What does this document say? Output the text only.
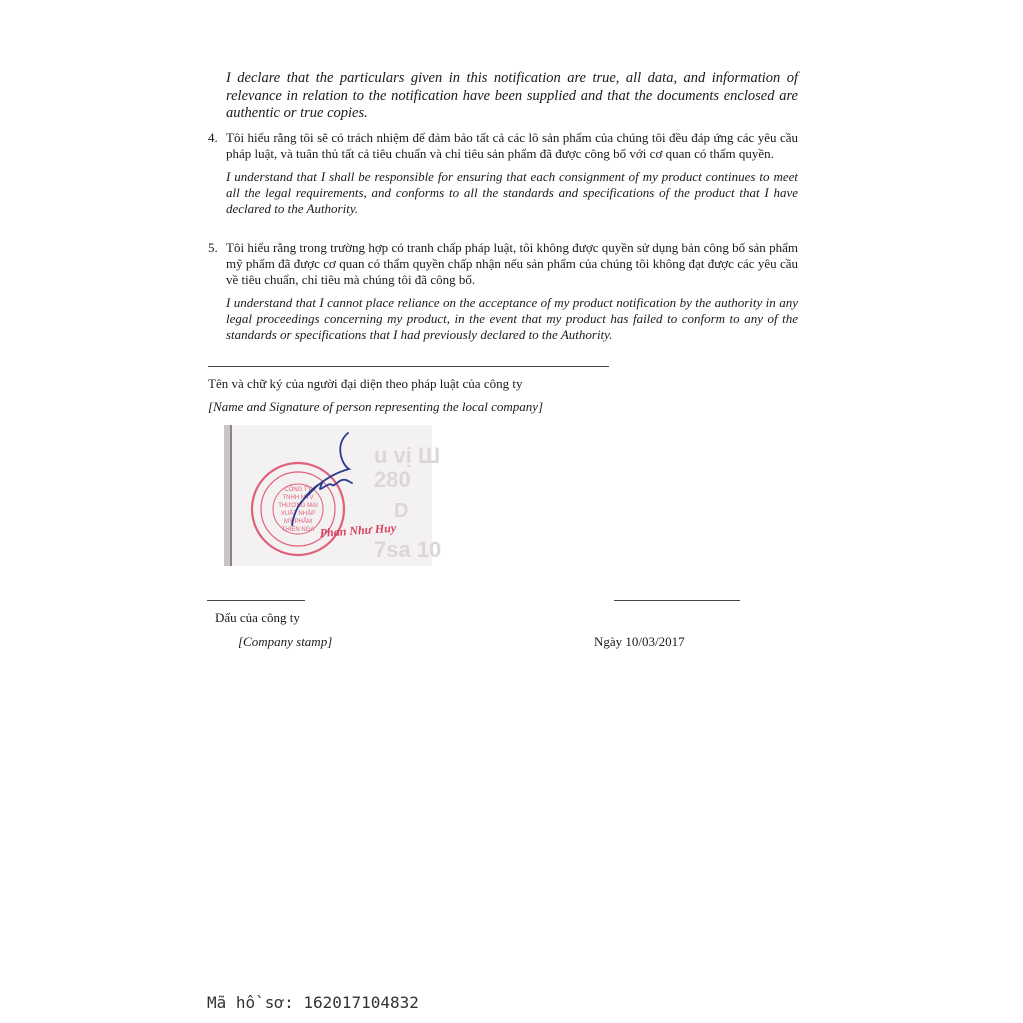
I declare that the particulars given in this notification are true, all data, and information of relevance in relation to the notification have been supplied and that the documents enclosed are authentic or true copies.
4. Tôi hiểu rằng tôi sẽ có trách nhiệm để đảm bảo tất cả các lô sản phẩm của chúng tôi đều đáp ứng các yêu cầu pháp luật, và tuân thủ tất cả tiêu chuẩn và chỉ tiêu sản phẩm đã được công bố với cơ quan có thẩm quyền.
I understand that I shall be responsible for ensuring that each consignment of my product continues to meet all the legal requirements, and conforms to all the standards and specifications of the product that I have declared to the Authority.
5. Tôi hiểu rằng trong trường hợp có tranh chấp pháp luật, tôi không được quyền sử dụng bản công bố sản phẩm mỹ phẩm đã được cơ quan có thẩm quyền chấp nhận nếu sản phẩm của chúng tôi không đạt được các yêu cầu về tiêu chuẩn, chỉ tiêu mà chúng tôi đã công bố.
I understand that I cannot place reliance on the acceptance of my product notification by the authority in any legal proceedings concerning my product, in the event that my product has failed to conform to any of the standards or specifications that I had previously declared to the Authority.
Tên và chữ ký của người đại diện theo pháp luật của công ty
[Name and Signature of person representing the local company]
u vị Ш
280
D
7sa 10
CÔNG TY
TNHH MTV
THƯƠNG MẠI
XUẤT NHẬP
MỸ PHẨM
THIÊN NGA Phan Như Huy
Dấu của công ty
[Company stamp]	Ngày 10/03/2017
Mã hồ sơ: 162017104832
